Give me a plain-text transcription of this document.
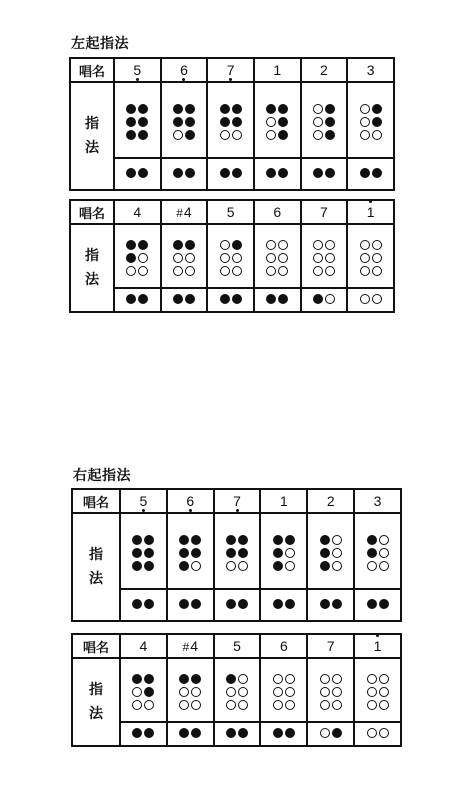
左起指法
唱名	5	6	7	1	2	3
指法	

唱名	4	#4	5	6	7	1

指法	

右起指法
唱名	5	6	7	1	2	3
指法	

唱名	4	#4	5	6	7	1

指法	
